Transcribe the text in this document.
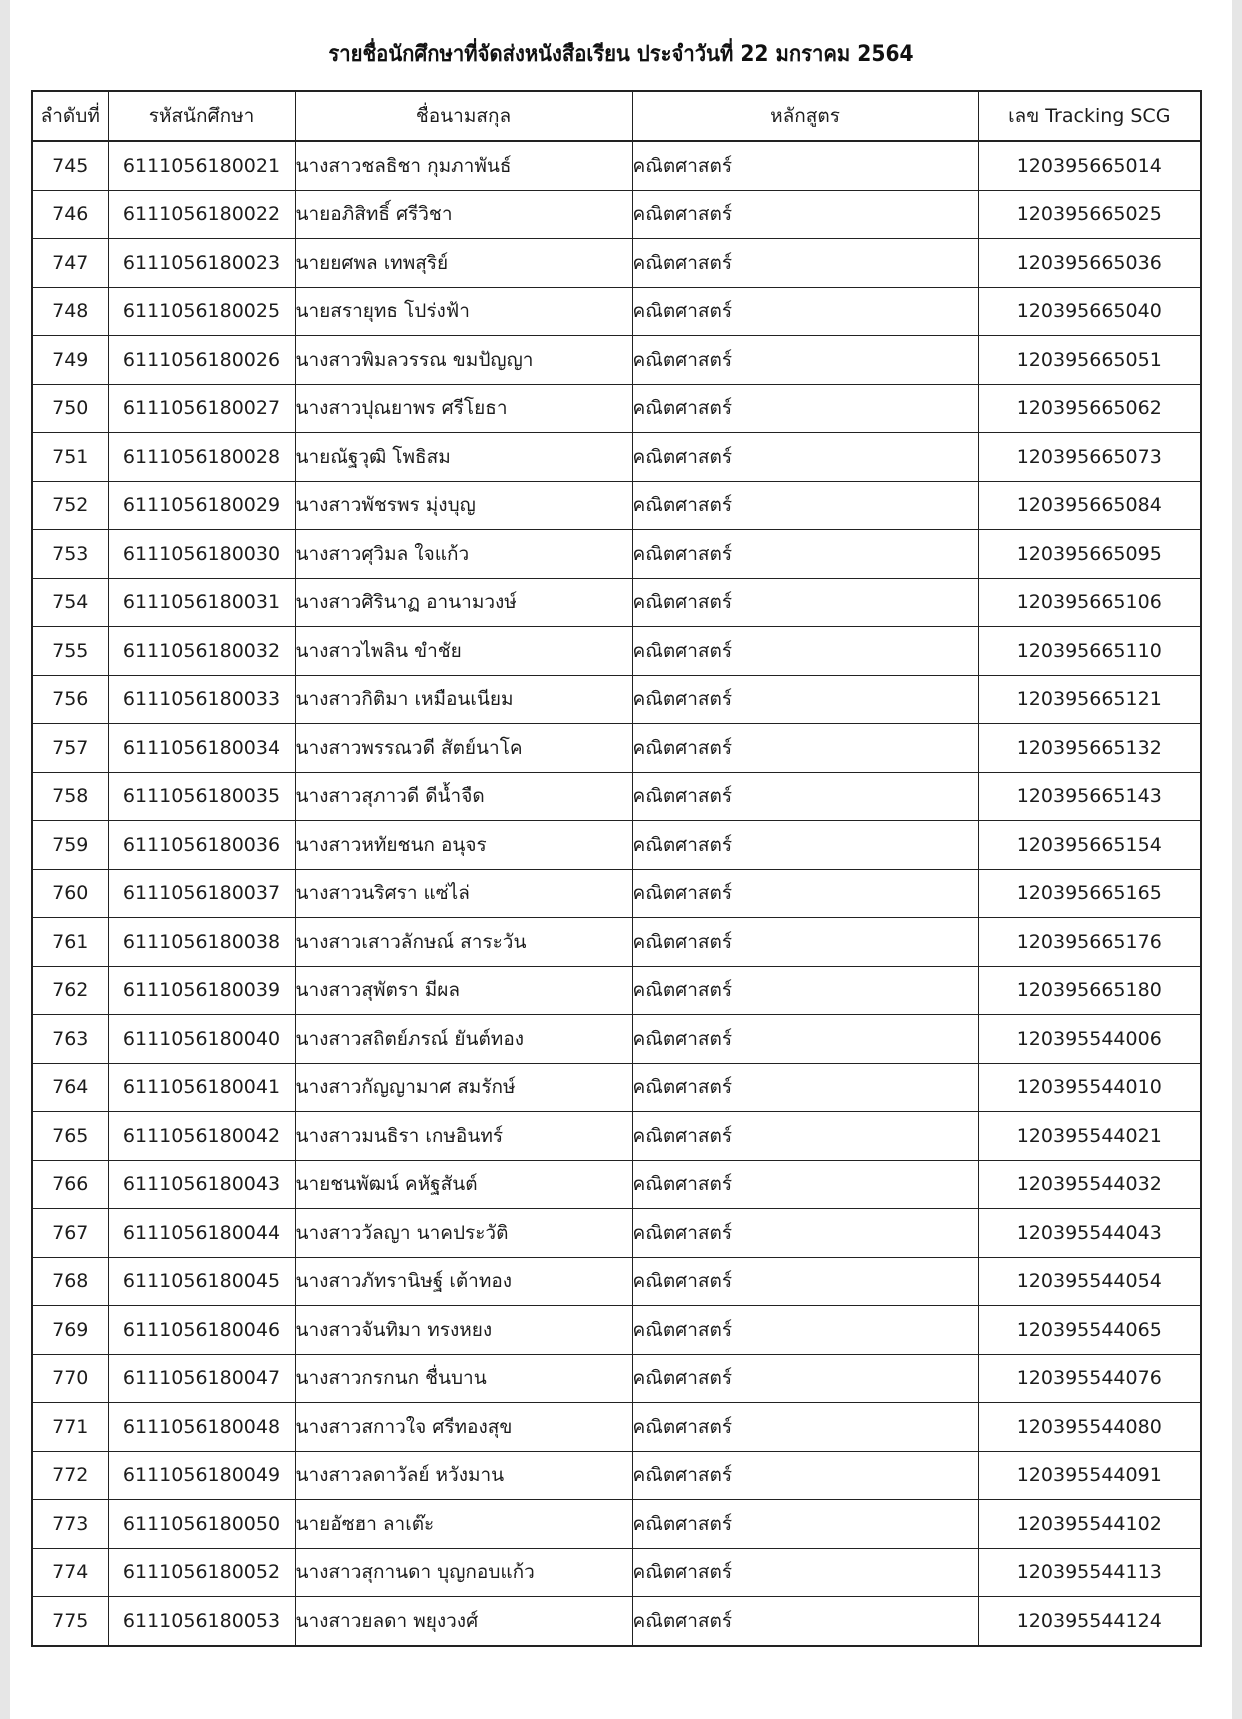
รายชื่อนักศึกษาที่จัดส่งหนังสือเรียน ประจำวันที่ 22 มกราคม 2564
ลำดับที่	รหัสนักศึกษา	ชื่อนามสกุล	หลักสูตร	เลข Tracking SCG
745	6111056180021	นางสาวชลธิชา กุมภาพันธ์	คณิตศาสตร์	120395665014
746	6111056180022	นายอภิสิทธิ์ ศรีวิชา	คณิตศาสตร์	120395665025
747	6111056180023	นายยศพล เทพสุริย์	คณิตศาสตร์	120395665036
748	6111056180025	นายสรายุทธ โปร่งฟ้า	คณิตศาสตร์	120395665040
749	6111056180026	นางสาวพิมลวรรณ ขมปัญญา	คณิตศาสตร์	120395665051
750	6111056180027	นางสาวปุณยาพร ศรีโยธา	คณิตศาสตร์	120395665062
751	6111056180028	นายณัฐวุฒิ โพธิสม	คณิตศาสตร์	120395665073
752	6111056180029	นางสาวพัชรพร มุ่งบุญ	คณิตศาสตร์	120395665084
753	6111056180030	นางสาวศุวิมล ใจแก้ว	คณิตศาสตร์	120395665095
754	6111056180031	นางสาวศิรินาฏ อานามวงษ์	คณิตศาสตร์	120395665106
755	6111056180032	นางสาวไพลิน ขำชัย	คณิตศาสตร์	120395665110
756	6111056180033	นางสาวกิติมา เหมือนเนียม	คณิตศาสตร์	120395665121
757	6111056180034	นางสาวพรรณวดี สัตย์นาโค	คณิตศาสตร์	120395665132
758	6111056180035	นางสาวสุภาวดี ดีน้ำจืด	คณิตศาสตร์	120395665143
759	6111056180036	นางสาวหทัยชนก อนุจร	คณิตศาสตร์	120395665154
760	6111056180037	นางสาวนริศรา แซ่ไล่	คณิตศาสตร์	120395665165
761	6111056180038	นางสาวเสาวลักษณ์ สาระวัน	คณิตศาสตร์	120395665176
762	6111056180039	นางสาวสุพัตรา มีผล	คณิตศาสตร์	120395665180
763	6111056180040	นางสาวสถิตย์ภรณ์ ยันต์ทอง	คณิตศาสตร์	120395544006
764	6111056180041	นางสาวกัญญามาศ สมรักษ์	คณิตศาสตร์	120395544010
765	6111056180042	นางสาวมนธิรา เกษอินทร์	คณิตศาสตร์	120395544021
766	6111056180043	นายชนพัฒน์ คหัฐสันต์	คณิตศาสตร์	120395544032
767	6111056180044	นางสาววัลญา นาคประวัติ	คณิตศาสตร์	120395544043
768	6111056180045	นางสาวภัทรานิษฐ์ เต้าทอง	คณิตศาสตร์	120395544054
769	6111056180046	นางสาวจันทิมา ทรงหยง	คณิตศาสตร์	120395544065
770	6111056180047	นางสาวกรกนก ชื่นบาน	คณิตศาสตร์	120395544076
771	6111056180048	นางสาวสกาวใจ ศรีทองสุข	คณิตศาสตร์	120395544080
772	6111056180049	นางสาวลดาวัลย์ หวังมาน	คณิตศาสตร์	120395544091
773	6111056180050	นายอัซฮา ลาเต๊ะ	คณิตศาสตร์	120395544102
774	6111056180052	นางสาวสุกานดา บุญกอบแก้ว	คณิตศาสตร์	120395544113
775	6111056180053	นางสาวยลดา พยุงวงศ์	คณิตศาสตร์	120395544124
